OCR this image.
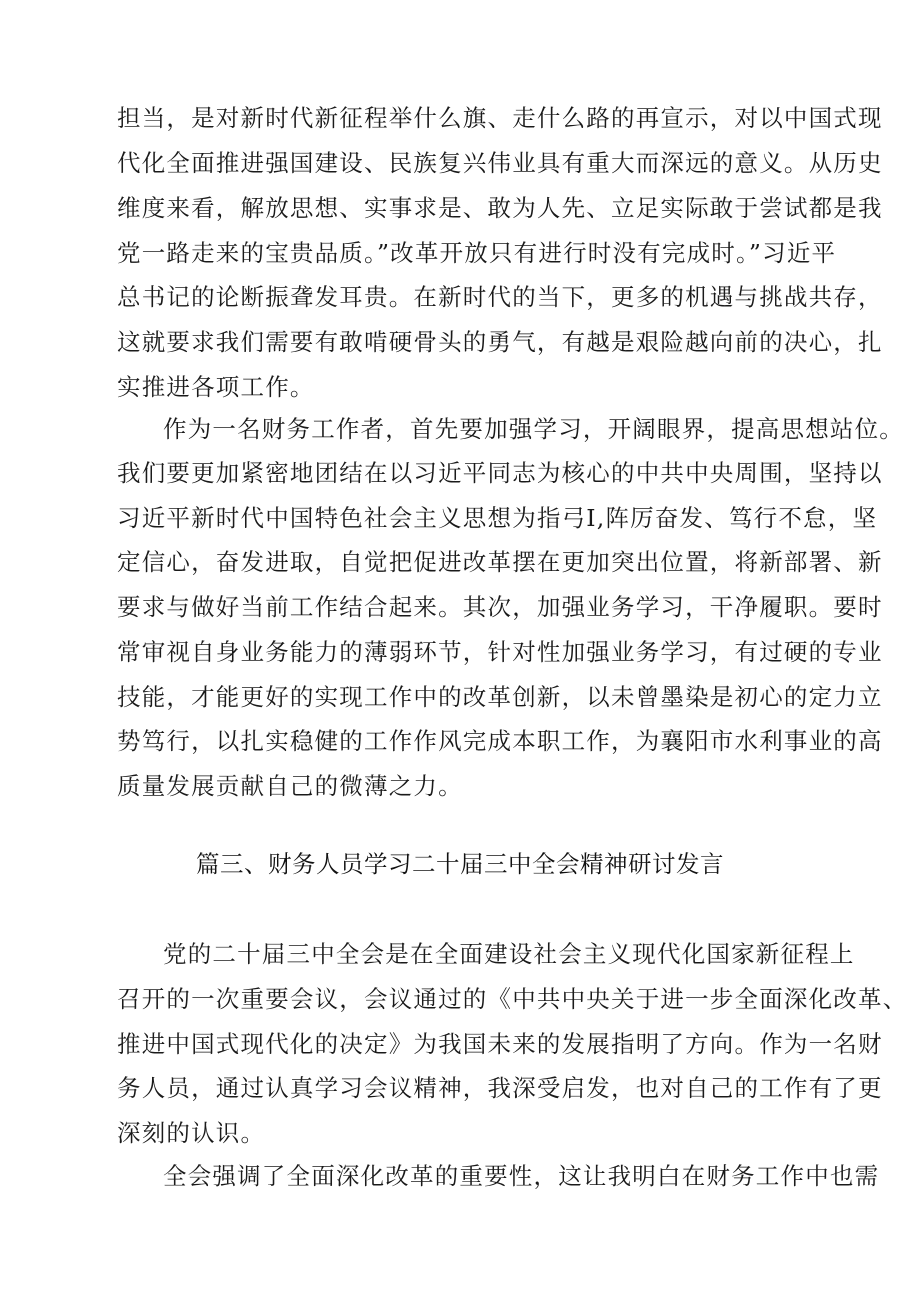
担当，是对新时代新征程举什么旗、走什么路的再宣示，对以中国式现
代化全面推进强国建设、民族复兴伟业具有重大而深远的意义。从历史
维度来看，解放思想、实事求是、敢为人先、立足实际敢于尝试都是我
党一路走来的宝贵品质。”改革开放只有进行时没有完成时。”习近平
总书记的论断振聋发耳贵。在新时代的当下，更多的机遇与挑战共存，
这就要求我们需要有敢啃硬骨头的勇气，有越是艰险越向前的决心，扎
实推进各项工作。
作为一名财务工作者，首先要加强学习，开阔眼界，提高思想站位。
我们要更加紧密地团结在以习近平同志为核心的中共中央周围，坚持以
习近平新时代中国特色社会主义思想为指弓I,阵厉奋发、笃行不怠，坚
定信心，奋发进取，自觉把促进改革摆在更加突出位置，将新部署、新
要求与做好当前工作结合起来。其次，加强业务学习，干净履职。要时
常审视自身业务能力的薄弱环节，针对性加强业务学习，有过硬的专业
技能，才能更好的实现工作中的改革创新，以未曾墨染是初心的定力立
势笃行，以扎实稳健的工作作风完成本职工作，为襄阳市水利事业的高
质量发展贡献自己的微薄之力。
篇三、财务人员学习二十届三中全会精神研讨发言
党的二十届三中全会是在全面建设社会主义现代化国家新征程上
召开的一次重要会议，会议通过的《中共中央关于进一步全面深化改革、
推进中国式现代化的决定》为我国未来的发展指明了方向。作为一名财
务人员，通过认真学习会议精神，我深受启发，也对自己的工作有了更
深刻的认识。
全会强调了全面深化改革的重要性，这让我明白在财务工作中也需
